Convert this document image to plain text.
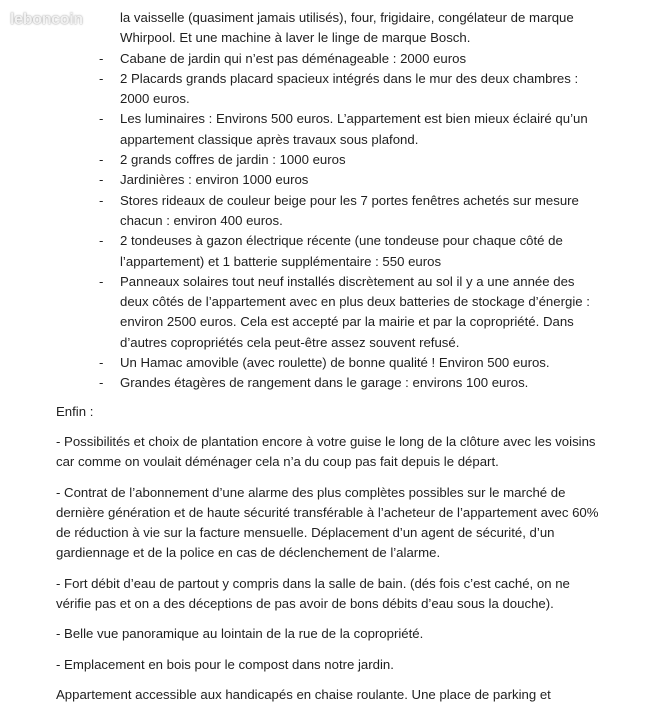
leboncoin	la vaisselle (quasiment jamais utilisés), four, frigidaire, congélateur de marque Whirpool. Et une machine à laver le linge de marque Bosch.
- Cabane de jardin qui n’est pas déménageable : 2000 euros
- 2 Placards grands placard spacieux intégrés dans le mur des deux chambres : 2000 euros.
- Les luminaires : Environs 500 euros. L’appartement est bien mieux éclairé qu’un appartement classique après travaux sous plafond.
- 2 grands coffres de jardin : 1000 euros
- Jardinières : environ 1000 euros
- Stores rideaux de couleur beige pour les 7 portes fenêtres achetés sur mesure chacun : environ 400 euros.
- 2 tondeuses à gazon électrique récente (une tondeuse pour chaque côté de l’appartement) et 1 batterie supplémentaire : 550 euros
- Panneaux solaires tout neuf installés discrètement au sol il y a une année des deux côtés de l’appartement avec en plus deux batteries de stockage d’énergie : environ 2500 euros. Cela est accepté par la mairie et par la copropriété. Dans d’autres copropriétés cela peut-être assez souvent refusé.
- Un Hamac amovible (avec roulette) de bonne qualité ! Environ 500 euros.
- Grandes étagères de rangement dans le garage : environs 100 euros.

Enfin :

- Possibilités et choix de plantation encore à votre guise le long de la clôture avec les voisins car comme on voulait déménager cela n’a du coup pas fait depuis le départ.

- Contrat de l’abonnement d’une alarme des plus complètes possibles sur le marché de dernière génération et de haute sécurité transférable à l’acheteur de l’appartement avec 60% de réduction à vie sur la facture mensuelle. Déplacement d’un agent de sécurité, d’un gardiennage et de la police en cas de déclenchement de l’alarme.

- Fort débit d’eau de partout y compris dans la salle de bain. (dés fois c’est caché, on ne vérifie pas et on a des déceptions de pas avoir de bons débits d’eau sous la douche).

- Belle vue panoramique au lointain de la rue de la copropriété.

- Emplacement en bois pour le compost dans notre jardin.

Appartement accessible aux handicapés en chaise roulante. Une place de parking et
